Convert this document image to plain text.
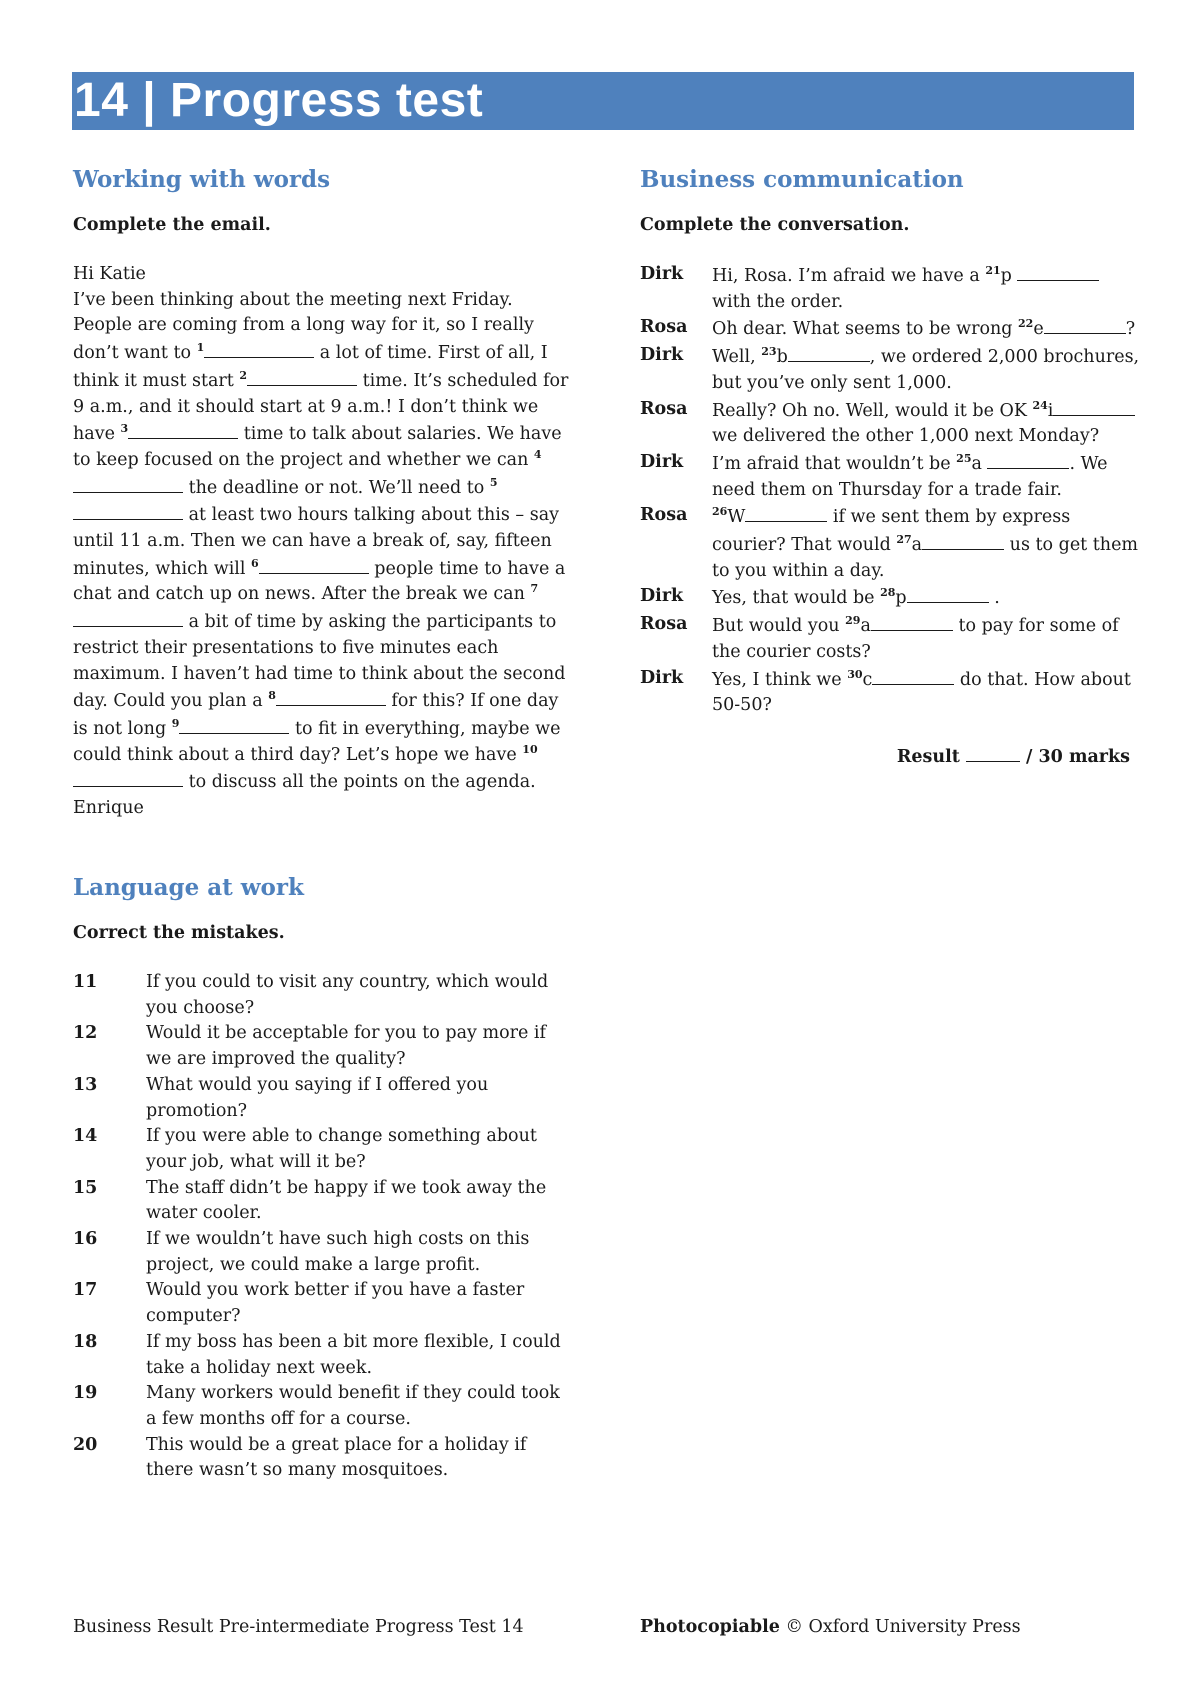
14 | Progress test
Working with words
Complete the email.

Hi Katie

I’ve been thinking about the meeting next Friday. People are coming from a long way for it, so I really don’t want to $^1$	a lot of time. First of all, I think it must start $^2$	time. It’s scheduled for 9 a.m., and it should start at 9 a.m.! I don’t think we have $^3$	time to talk about salaries. We have to keep focused on the project and whether we can $^4$ the deadline or not. We’ll need to $^5$ at least two hours talking about this – say until 11 a.m. Then we can have a break of, say, fifteen minutes, which will $^6$	people time to have a chat and catch up on news. After the break we can $^7$ a bit of time by asking the participants to restrict their presentations to five minutes each maximum. I haven’t had time to think about the second day. Could you plan a $^8$	for this? If one day is not long $^9$	to fit in everything, maybe we could think about a third day? Let’s hope we have $^{10}$ to discuss all the points on the agenda.

Enrique

Language at work
Correct the mistakes.
11	If you could to visit any country, which would you choose?
12	Would it be acceptable for you to pay more if we are improved the quality?
13	What would you saying if I offered you promotion?
14	If you were able to change something about your job, what will it be?
15	The staff didn’t be happy if we took away the water cooler.
16	If we wouldn’t have such high costs on this project, we could make a large profit.
17	Would you work better if you have a faster computer?
18	If my boss has been a bit more flexible, I could take a holiday next week.
19	Many workers would benefit if they could took a few months off for a course.
20	This would be a great place for a holiday if there wasn’t so many mosquitoes.
Business communication
Complete the conversation.
Dirk	Hi, Rosa. I’m afraid we have a $^{21}$p  with the order.
Rosa	Oh dear. What seems to be wrong $^{22}$e	?
Dirk	Well, $^{23}$b	, we ordered 2,000 brochures, but you’ve only sent 1,000.
Rosa	Really? Oh no. Well, would it be OK $^{24}$i we delivered the other 1,000 next Monday?
Dirk	I’m afraid that wouldn’t be $^{25}$a	. We need them on Thursday for a trade fair.
Rosa	$^{26}$W	if we sent them by express courier? That would $^{27}$a	us to get them to you within a day.
Dirk	Yes, that would be $^{28}$p	.
Rosa	But would you $^{29}$a	to pay for some of the courier costs?
Dirk	Yes, I think we $^{30}$c	do that. How about 50-50?
Result	/ 30 marks
Business Result Pre-intermediate Progress Test 14	Photocopiable © Oxford University Press
